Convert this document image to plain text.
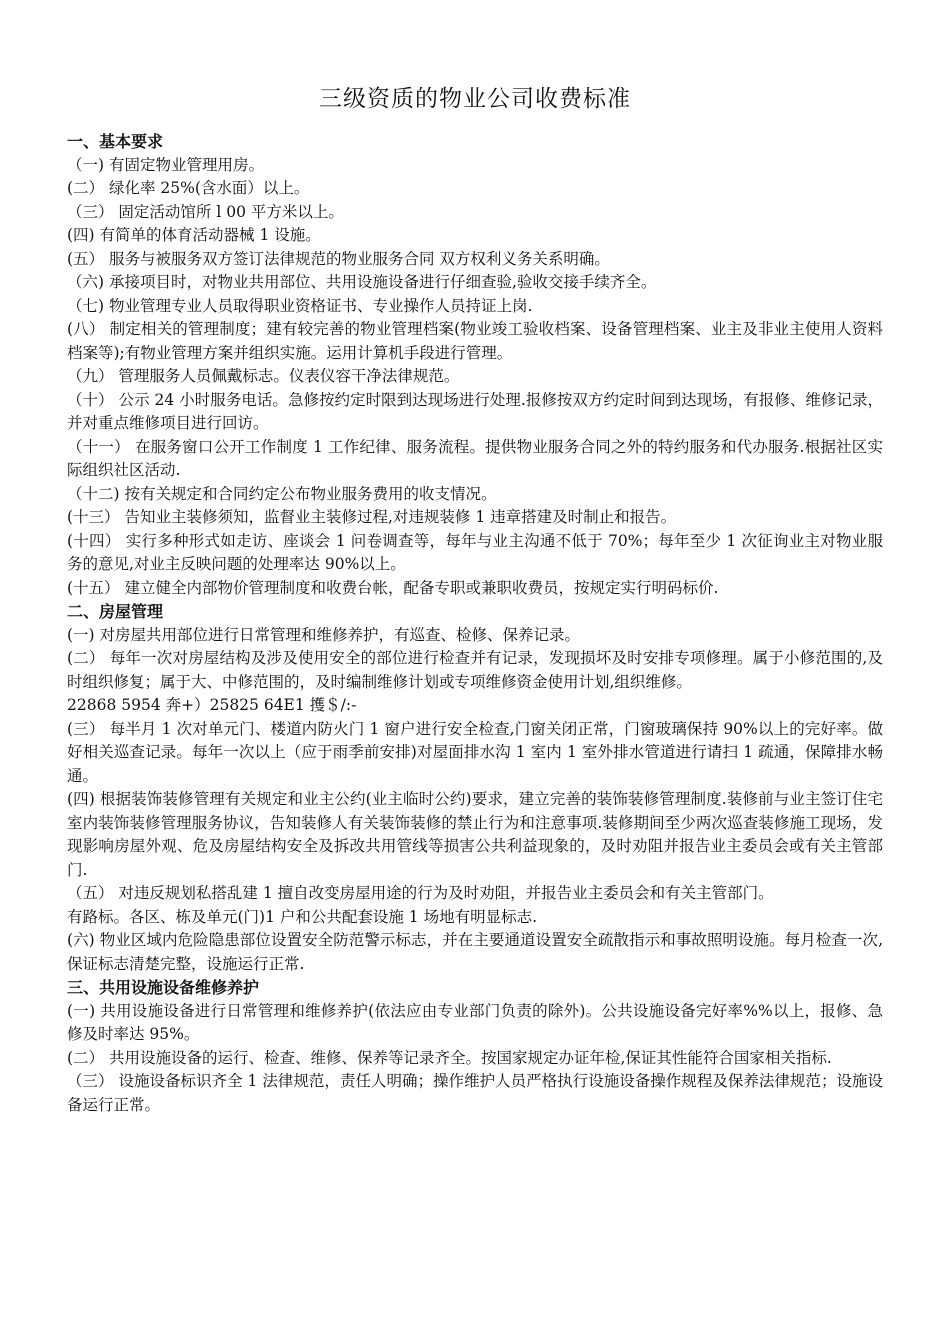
三级资质的物业公司收费标准
一、基本要求
（一) 有固定物业管理用房。
(二） 绿化率 25%(含水面）以上。
（三） 固定活动馆所 l 00 平方米以上。
(四) 有简单的体育活动器械 1 设施。
(五） 服务与被服务双方签订法律规范的物业服务合同 双方权利义务关系明确。
（六) 承接项目时，对物业共用部位、共用设施设备进行仔细查验,验收交接手续齐全。
（七) 物业管理专业人员取得职业资格证书、专业操作人员持证上岗.
(八） 制定相关的管理制度；建有较完善的物业管理档案(物业竣工验收档案、设备管理档案、业主及非业主使用人资料档案等);有物业管理方案并组织实施。运用计算机手段进行管理。
（九） 管理服务人员佩戴标志。仪表仪容干净法律规范。
（十） 公示 24 小时服务电话。急修按约定时限到达现场进行处理.报修按双方约定时间到达现场，有报修、维修记录，并对重点维修项目进行回访。
（十一） 在服务窗口公开工作制度 1 工作纪律、服务流程。提供物业服务合同之外的特约服务和代办服务.根据社区实际组织社区活动.
（十二) 按有关规定和合同约定公布物业服务费用的收支情况。
(十三） 告知业主装修须知，监督业主装修过程,对违规装修 1 违章搭建及时制止和报告。
(十四） 实行多种形式如走访、座谈会 1 问卷调查等，每年与业主沟通不低于 70%；每年至少 1 次征询业主对物业服务的意见,对业主反映问题的处理率达 90%以上。
(十五） 建立健全内部物价管理制度和收费台帐，配备专职或兼职收费员，按规定实行明码标价.
二、房屋管理
(一) 对房屋共用部位进行日常管理和维修养护，有巡查、检修、保养记录。
(二） 每年一次对房屋结构及涉及使用安全的部位进行检查并有记录，发现损坏及时安排专项修理。属于小修范围的,及时组织修复；属于大、中修范围的，及时编制维修计划或专项维修资金使用计划,组织维修。
22868 5954 奔+）25825 64E1 擭＄/:-
(三） 每半月 1 次对单元门、楼道内防火门 1 窗户进行安全检查,门窗关闭正常，门窗玻璃保持 90%以上的完好率。做好相关巡查记录。每年一次以上（应于雨季前安排)对屋面排水沟 1 室内 1 室外排水管道进行请扫 1 疏通，保障排水畅通。
(四) 根据装饰装修管理有关规定和业主公约(业主临时公约)要求，建立完善的装饰装修管理制度.装修前与业主签订住宅室内装饰装修管理服务协议，告知装修人有关装饰装修的禁止行为和注意事项.装修期间至少两次巡查装修施工现场，发现影响房屋外观、危及房屋结构安全及拆改共用管线等损害公共利益现象的，及时劝阻并报告业主委员会或有关主管部门.
（五） 对违反规划私搭乱建 1 擅自改变房屋用途的行为及时劝阻，并报告业主委员会和有关主管部门。
有路标。各区、栋及单元(门)1 户和公共配套设施 1 场地有明显标志.
(六) 物业区域内危险隐患部位设置安全防范警示标志，并在主要通道设置安全疏散指示和事故照明设施。每月检查一次,保证标志清楚完整，设施运行正常.
三、共用设施设备维修养护
(一) 共用设施设备进行日常管理和维修养护(依法应由专业部门负责的除外)。公共设施设备完好率%%以上，报修、急修及时率达 95%。
(二） 共用设施设备的运行、检查、维修、保养等记录齐全。按国家规定办证年检,保证其性能符合国家相关指标.
（三） 设施设备标识齐全 1 法律规范，责任人明确；操作维护人员严格执行设施设备操作规程及保养法律规范；设施设备运行正常。
